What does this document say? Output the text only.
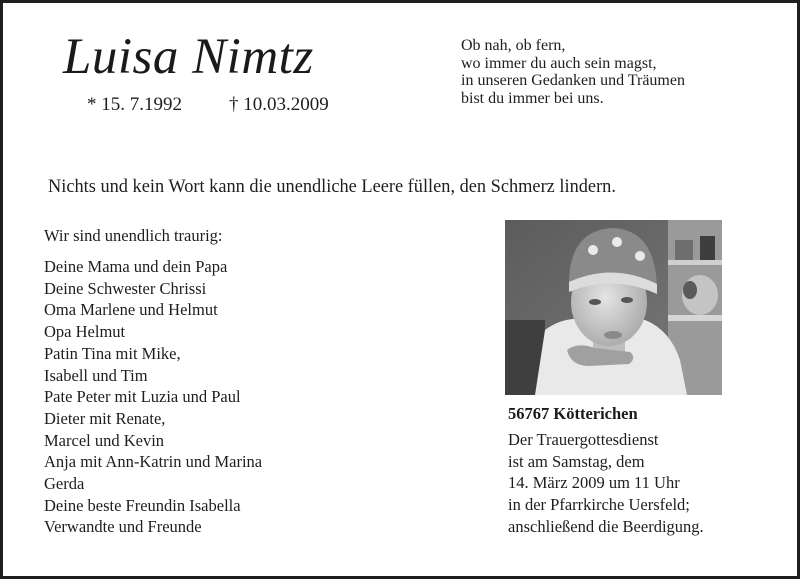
Luisa Nimtz
* 15. 7.1992 † 10.03.2009
Ob nah, ob fern,
wo immer du auch sein magst,
in unseren Gedanken und Träumen
bist du immer bei uns.
Nichts und kein Wort kann die unendliche Leere füllen, den Schmerz lindern.
Wir sind unendlich traurig:
Deine Mama und dein Papa
Deine Schwester Chrissi
Oma Marlene und Helmut
Opa Helmut
Patin Tina mit Mike,
Isabell und Tim
Pate Peter mit Luzia und Paul
Dieter mit Renate,
Marcel und Kevin
Anja mit Ann-Katrin und Marina
Gerda
Deine beste Freundin Isabella
Verwandte und Freunde
56767 Kötterichen
Der Trauergottesdienst
ist am Samstag, dem
14. März 2009 um 11 Uhr
in der Pfarrkirche Uersfeld;
anschließend die Beerdigung.
